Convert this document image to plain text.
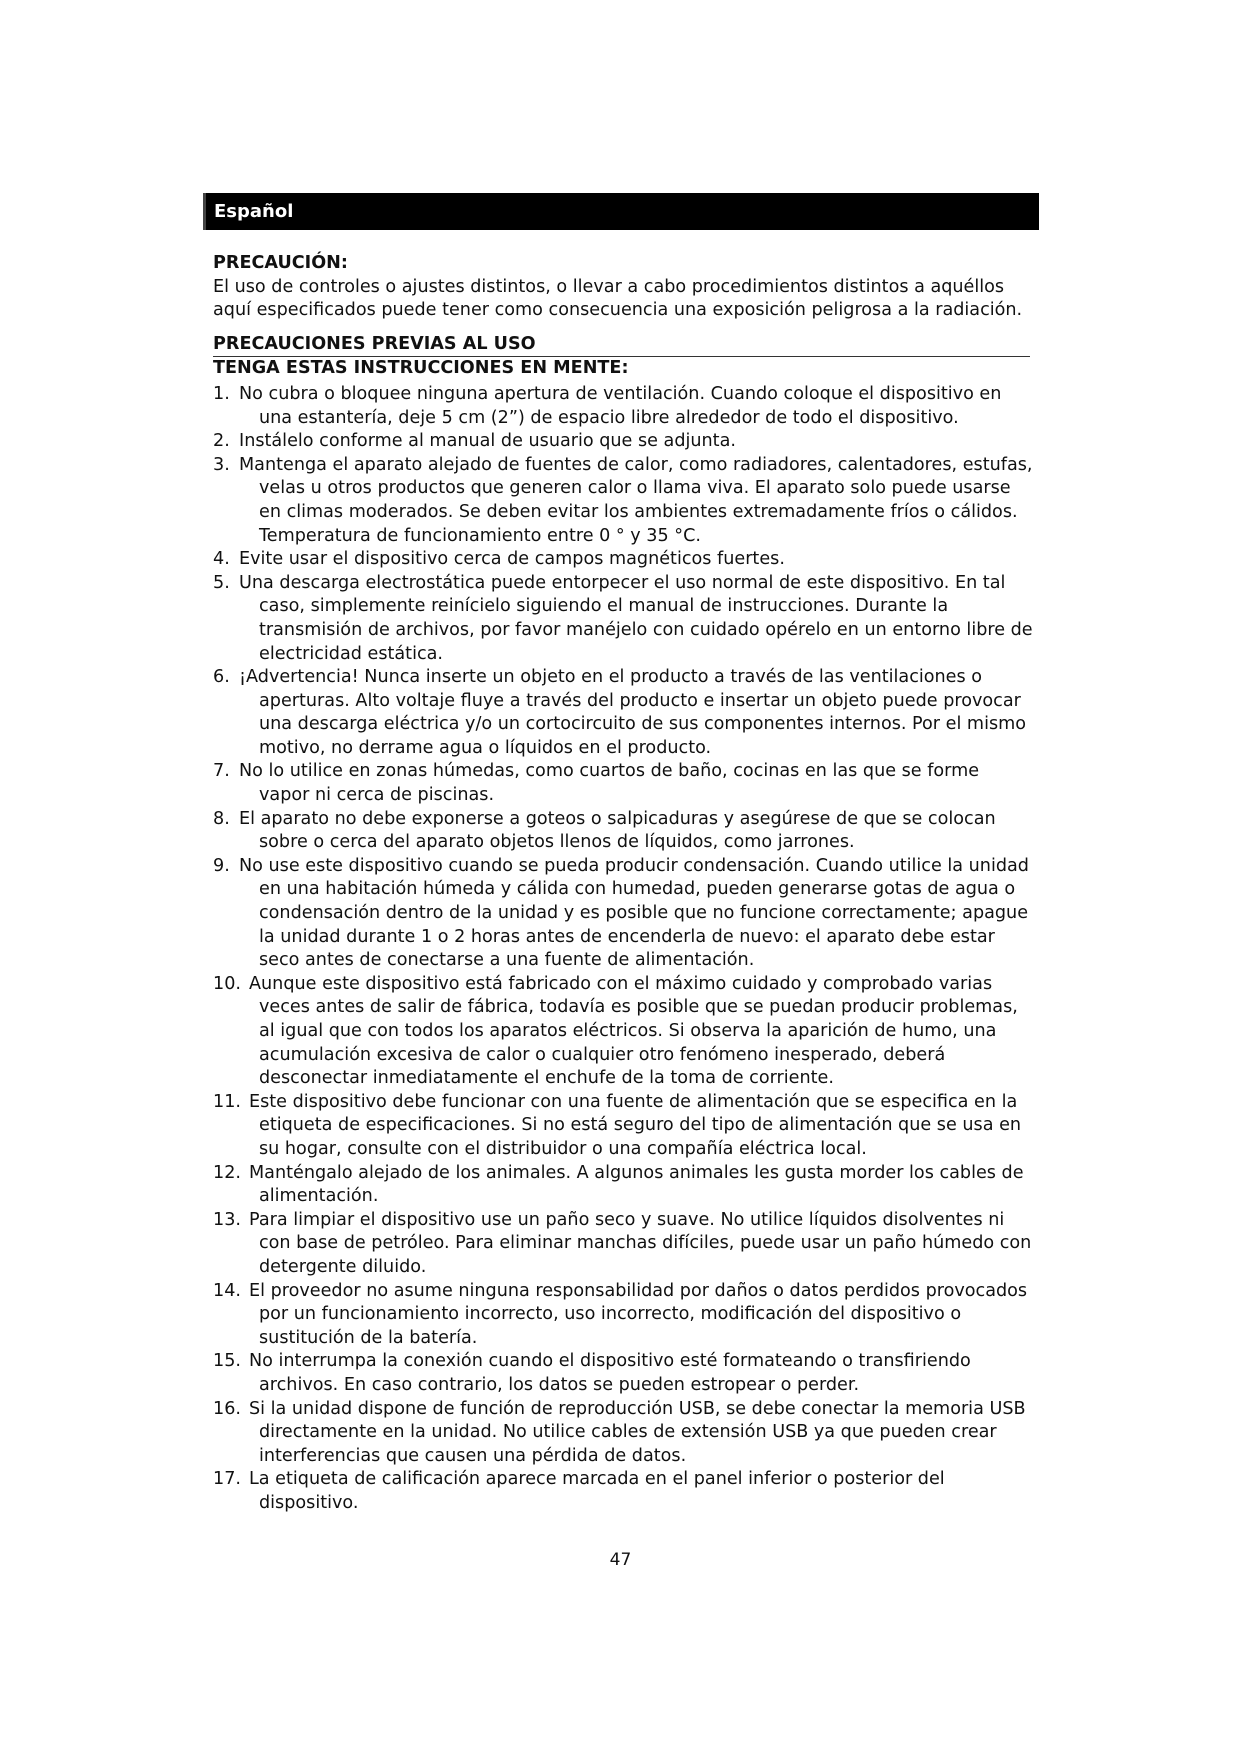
Español

PRECAUCIÓN:

El uso de controles o ajustes distintos, o llevar a cabo procedimientos distintos a aquéllos aquí especificados puede tener como consecuencia una exposición peligrosa a la radiación.

PRECAUCIONES PREVIAS AL USO

TENGA ESTAS INSTRUCCIONES EN MENTE:

1. No cubra o bloquee ninguna apertura de ventilación. Cuando coloque el dispositivo en una estantería, deje 5 cm (2”) de espacio libre alrededor de todo el dispositivo.
2. Instálelo conforme al manual de usuario que se adjunta.
3. Mantenga el aparato alejado de fuentes de calor, como radiadores, calentadores, estufas, velas u otros productos que generen calor o llama viva. El aparato solo puede usarse en climas moderados. Se deben evitar los ambientes extremadamente fríos o cálidos. Temperatura de funcionamiento entre 0 ° y 35 °C.
4. Evite usar el dispositivo cerca de campos magnéticos fuertes.
5. Una descarga electrostática puede entorpecer el uso normal de este dispositivo. En tal caso, simplemente reinícielo siguiendo el manual de instrucciones. Durante la transmisión de archivos, por favor manéjelo con cuidado opérelo en un entorno libre de electricidad estática.
6. ¡Advertencia! Nunca inserte un objeto en el producto a través de las ventilaciones o aperturas. Alto voltaje fluye a través del producto e insertar un objeto puede provocar una descarga eléctrica y/o un cortocircuito de sus componentes internos. Por el mismo motivo, no derrame agua o líquidos en el producto.
7. No lo utilice en zonas húmedas, como cuartos de baño, cocinas en las que se forme vapor ni cerca de piscinas.
8. El aparato no debe exponerse a goteos o salpicaduras y asegúrese de que se colocan sobre o cerca del aparato objetos llenos de líquidos, como jarrones.
9. No use este dispositivo cuando se pueda producir condensación. Cuando utilice la unidad en una habitación húmeda y cálida con humedad, pueden generarse gotas de agua o condensación dentro de la unidad y es posible que no funcione correctamente; apague la unidad durante 1 o 2 horas antes de encenderla de nuevo: el aparato debe estar seco antes de conectarse a una fuente de alimentación.
10. Aunque este dispositivo está fabricado con el máximo cuidado y comprobado varias veces antes de salir de fábrica, todavía es posible que se puedan producir problemas, al igual que con todos los aparatos eléctricos. Si observa la aparición de humo, una acumulación excesiva de calor o cualquier otro fenómeno inesperado, deberá desconectar inmediatamente el enchufe de la toma de corriente.
11. Este dispositivo debe funcionar con una fuente de alimentación que se especifica en la etiqueta de especificaciones. Si no está seguro del tipo de alimentación que se usa en su hogar, consulte con el distribuidor o una compañía eléctrica local.
12. Manténgalo alejado de los animales. A algunos animales les gusta morder los cables de alimentación.
13. Para limpiar el dispositivo use un paño seco y suave. No utilice líquidos disolventes ni con base de petróleo. Para eliminar manchas difíciles, puede usar un paño húmedo con detergente diluido.
14. El proveedor no asume ninguna responsabilidad por daños o datos perdidos provocados por un funcionamiento incorrecto, uso incorrecto, modificación del dispositivo o sustitución de la batería.
15. No interrumpa la conexión cuando el dispositivo esté formateando o transfiriendo archivos. En caso contrario, los datos se pueden estropear o perder.
16. Si la unidad dispone de función de reproducción USB, se debe conectar la memoria USB directamente en la unidad. No utilice cables de extensión USB ya que pueden crear interferencias que causen una pérdida de datos.
17. La etiqueta de calificación aparece marcada en el panel inferior o posterior del dispositivo.
47
